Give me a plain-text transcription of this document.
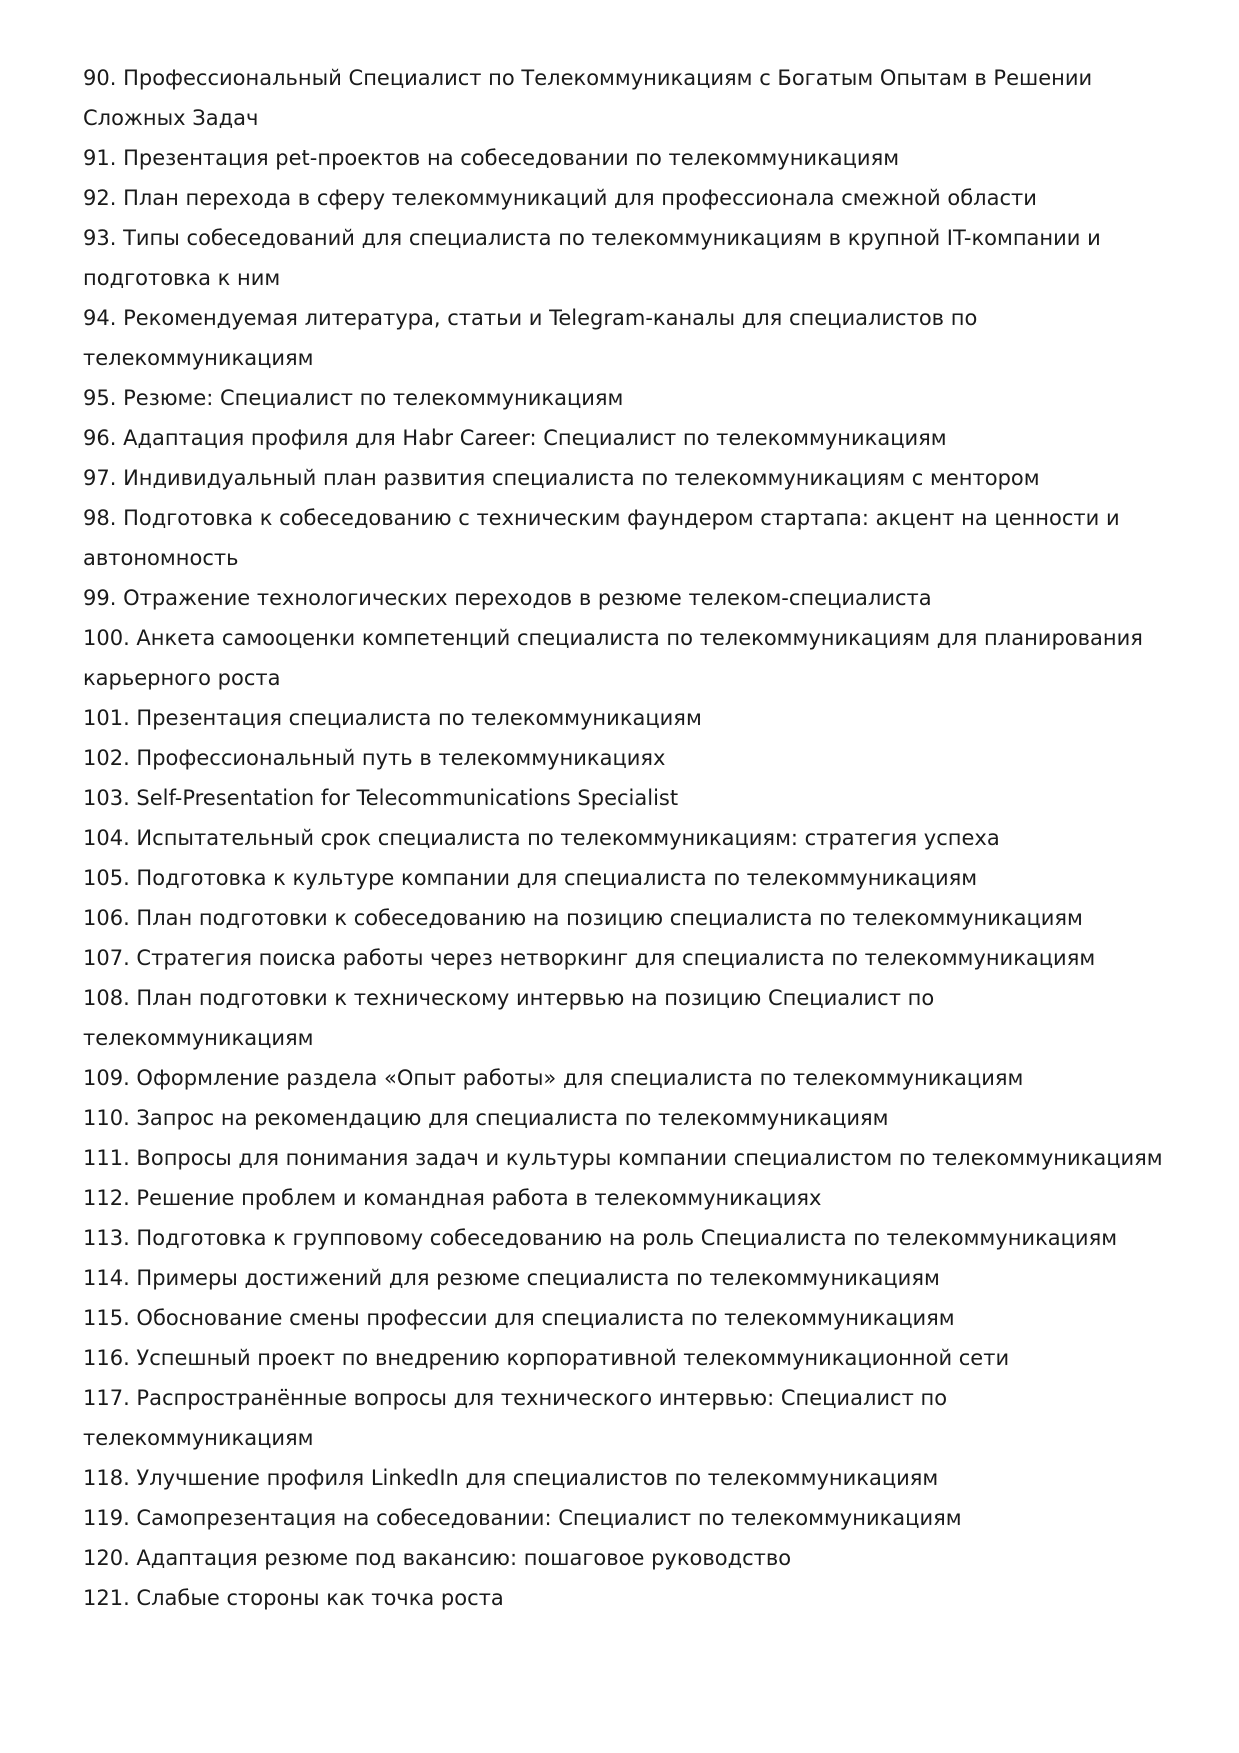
90. Профессиональный Специалист по Телекоммуникациям с Богатым Опытам в Решении Сложных Задач

91. Презентация pet-проектов на собеседовании по телекоммуникациям

92. План перехода в сферу телекоммуникаций для профессионала смежной области

93. Типы собеседований для специалиста по телекоммуникациям в крупной IT-компании и подготовка к ним

94. Рекомендуемая литература, статьи и Telegram-каналы для специалистов по телекоммуникациям

95. Резюме: Специалист по телекоммуникациям

96. Адаптация профиля для Habr Career: Специалист по телекоммуникациям

97. Индивидуальный план развития специалиста по телекоммуникациям с ментором

98. Подготовка к собеседованию с техническим фаундером стартапа: акцент на ценности и автономность

99. Отражение технологических переходов в резюме телеком-специалиста

100. Анкета самооценки компетенций специалиста по телекоммуникациям для планирования карьерного роста

101. Презентация специалиста по телекоммуникациям

102. Профессиональный путь в телекоммуникациях

103. Self-Presentation for Telecommunications Specialist

104. Испытательный срок специалиста по телекоммуникациям: стратегия успеха

105. Подготовка к культуре компании для специалиста по телекоммуникациям

106. План подготовки к собеседованию на позицию специалиста по телекоммуникациям

107. Стратегия поиска работы через нетворкинг для специалиста по телекоммуникациям

108. План подготовки к техническому интервью на позицию Специалист по телекоммуникациям

109. Оформление раздела «Опыт работы» для специалиста по телекоммуникациям

110. Запрос на рекомендацию для специалиста по телекоммуникациям

111. Вопросы для понимания задач и культуры компании специалистом по телекоммуникациям

112. Решение проблем и командная работа в телекоммуникациях

113. Подготовка к групповому собеседованию на роль Специалиста по телекоммуникациям

114. Примеры достижений для резюме специалиста по телекоммуникациям

115. Обоснование смены профессии для специалиста по телекоммуникациям

116. Успешный проект по внедрению корпоративной телекоммуникационной сети

117. Распространённые вопросы для технического интервью: Специалист по телекоммуникациям

118. Улучшение профиля LinkedIn для специалистов по телекоммуникациям

119. Самопрезентация на собеседовании: Специалист по телекоммуникациям

120. Адаптация резюме под вакансию: пошаговое руководство

121. Слабые стороны как точка роста
